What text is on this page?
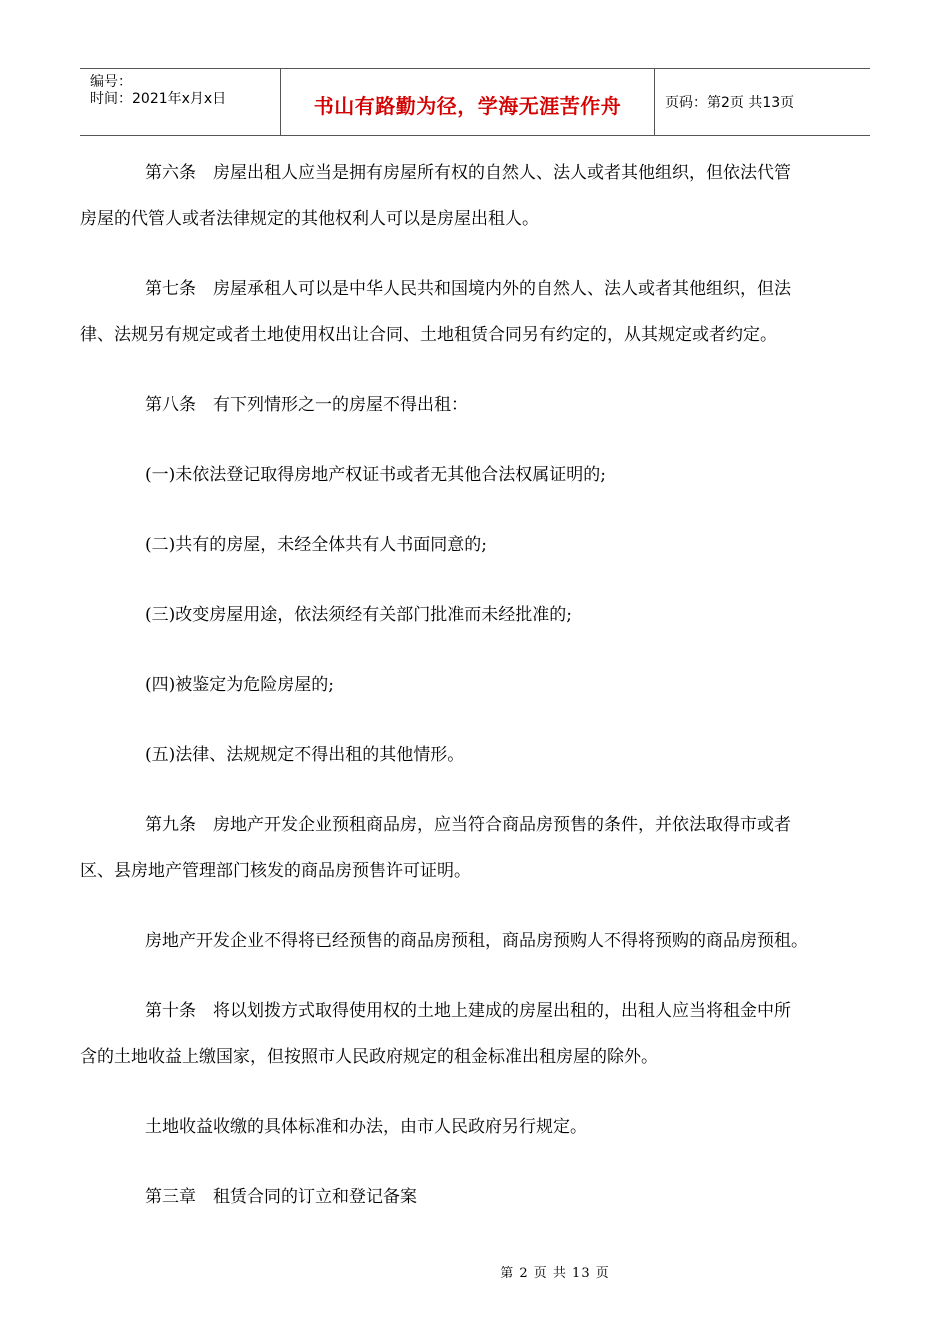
编号：
时间：2021年x月x日	书山有路勤为径，学海无涯苦作舟	页码：第2页 共13页
第六条　房屋出租人应当是拥有房屋所有权的自然人、法人或者其他组织，但依法代管
房屋的代管人或者法律规定的其他权利人可以是房屋出租人。
第七条　房屋承租人可以是中华人民共和国境内外的自然人、法人或者其他组织，但法
律、法规另有规定或者土地使用权出让合同、土地租赁合同另有约定的，从其规定或者约定。
第八条　有下列情形之一的房屋不得出租：
(一)未依法登记取得房地产权证书或者无其他合法权属证明的;
(二)共有的房屋，未经全体共有人书面同意的;
(三)改变房屋用途，依法须经有关部门批准而未经批准的;
(四)被鉴定为危险房屋的;
(五)法律、法规规定不得出租的其他情形。
第九条　房地产开发企业预租商品房，应当符合商品房预售的条件，并依法取得市或者
区、县房地产管理部门核发的商品房预售许可证明。
房地产开发企业不得将已经预售的商品房预租，商品房预购人不得将预购的商品房预租。
第十条　将以划拨方式取得使用权的土地上建成的房屋出租的，出租人应当将租金中所
含的土地收益上缴国家，但按照市人民政府规定的租金标准出租房屋的除外。
土地收益收缴的具体标准和办法，由市人民政府另行规定。
第三章　租赁合同的订立和登记备案
第 2 页 共 13 页
